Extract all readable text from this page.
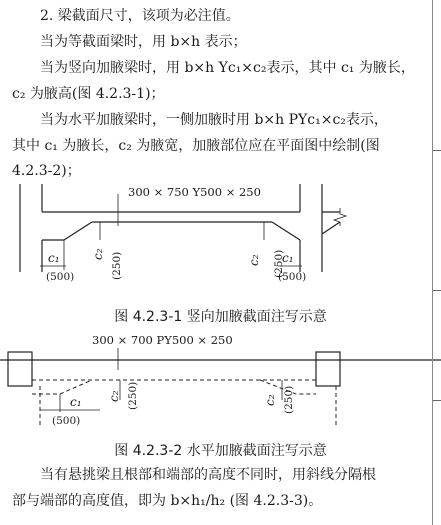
2. 梁截面尺寸，该项为必注值。
当为等截面梁时，用 b×h 表示；
当为竖向加腋梁时，用 b×h Yc₁×c₂表示，其中 c₁ 为腋长，
c₂ 为腋高(图 4.2.3-1)；
当为水平加腋梁时，一侧加腋时用 b×h PYc₁×c₂表示，
其中 c₁ 为腋长，c₂ 为腋宽，加腋部位应在平面图中绘制(图
4.2.3-2)；
300 × 750 Y500 × 250
c₁
(500)
c₂ (250)	c₂ (250)
c₁
(500)
图 4.2.3-1 竖向加腋截面注写示意
300 × 700 PY500 × 250
c₁
(500)
c₂ (250)	c₂ (250)
图 4.2.3-2 水平加腋截面注写示意
当有悬挑梁且根部和端部的高度不同时，用斜线分隔根
部与端部的高度值，即为 b×h₁/h₂ (图 4.2.3-3)。
